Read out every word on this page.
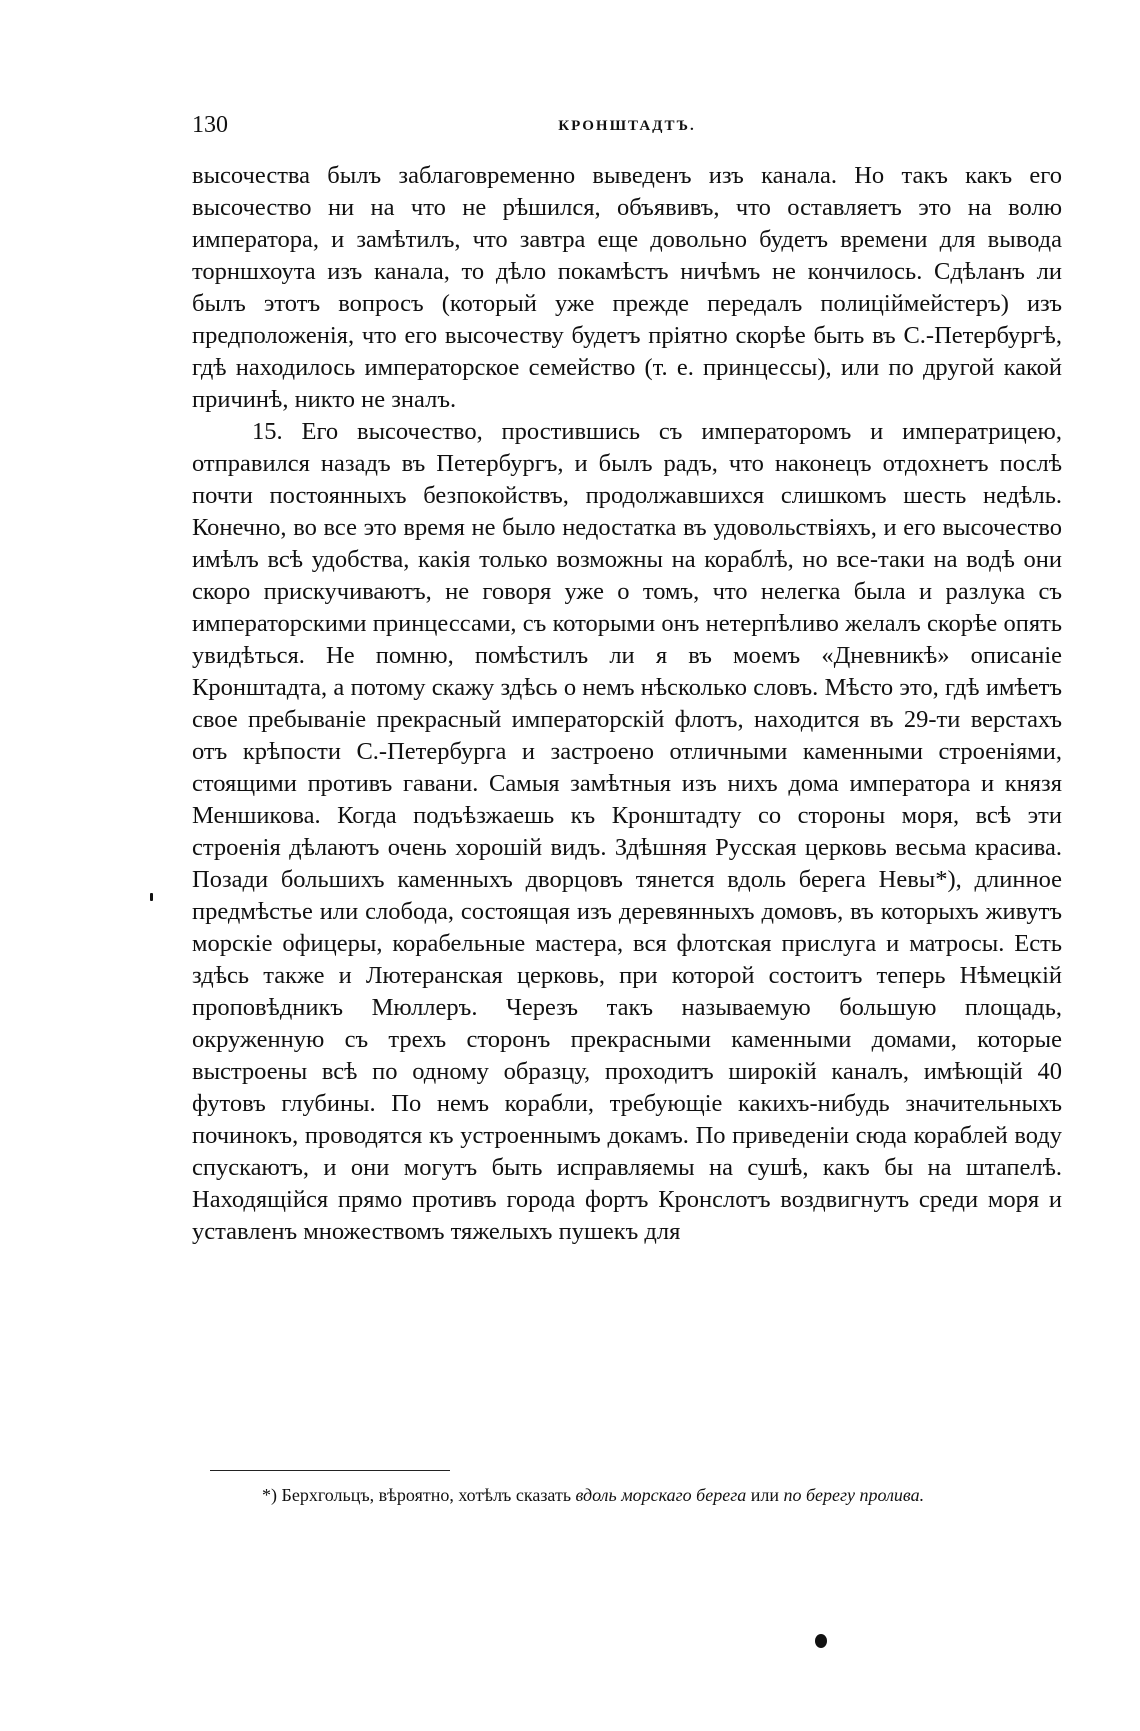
130	КРОНШТАДТЪ.

высочества былъ заблаговременно выведенъ изъ канала. Но такъ какъ его высочество ни на что не рѣшился, объявивъ, что оставляетъ это на волю императора, и замѣтилъ, что завтра еще довольно будетъ времени для вывода торншхоута изъ канала, то дѣло покамѣстъ ничѣмъ не кончилось. Сдѣланъ ли былъ этотъ вопросъ (который уже прежде передалъ полиціймейстеръ) изъ предположенія, что его высочеству будетъ пріятно скорѣе быть въ С.-Петербургѣ, гдѣ находилось императорское семейство (т. е. принцессы), или по другой какой причинѣ, никто не зналъ.

15. Его высочество, простившись съ императоромъ и императрицею, отправился назадъ въ Петербургъ, и былъ радъ, что наконецъ отдохнетъ послѣ почти постоянныхъ безпокойствъ, продолжавшихся слишкомъ шесть недѣль. Конечно, во все это время не было недостатка въ удовольствіяхъ, и его высочество имѣлъ всѣ удобства, какія только возможны на кораблѣ, но все-таки на водѣ они скоро прискучиваютъ, не говоря уже о томъ, что нелегка была и разлука съ императорскими принцессами, съ которыми онъ нетерпѣливо желалъ скорѣе опять увидѣться. Не помню, помѣстилъ ли я въ моемъ «Дневникѣ» описаніе Кронштадта, а потому скажу здѣсь о немъ нѣсколько словъ. Мѣсто это, гдѣ имѣетъ свое пребываніе прекрасный императорскій флотъ, находится въ 29-ти верстахъ отъ крѣпости С.-Петербурга и застроено отличными каменными строеніями, стоящими противъ гавани. Самыя замѣтныя изъ нихъ дома императора и князя Меншикова. Когда подъѣзжаешь къ Кронштадту со стороны моря, всѣ эти строенія дѣлаютъ очень хорошій видъ. Здѣшняя Русская церковь весьма красива. Позади большихъ каменныхъ дворцовъ тянется вдоль берега Невы*), длинное предмѣстье или слобода, состоящая изъ деревянныхъ домовъ, въ которыхъ живутъ морскіе офицеры, корабельные мастера, вся флотская прислуга и матросы. Есть здѣсь также и Лютеранская церковь, при которой состоитъ теперь Нѣмецкій проповѣдникъ Мюллеръ. Черезъ такъ называемую большую площадь, окруженную съ трехъ сторонъ прекрасными каменными домами, которые выстроены всѣ по одному образцу, проходитъ широкій каналъ, имѣющій 40 футовъ глубины. По немъ корабли, требующіе какихъ-нибудь значительныхъ починокъ, проводятся къ устроеннымъ докамъ. По приведеніи сюда кораблей воду спускаютъ, и они могутъ быть исправляемы на сушѣ, какъ бы на штапелѣ. Находящійся прямо противъ города фортъ Кронслотъ воздвигнутъ среди моря и уставленъ множествомъ тяжелыхъ пушекъ для

*) Берхгольцъ, вѣроятно, хотѣлъ сказать вдоль морскаго берега или по берегу пролива.
